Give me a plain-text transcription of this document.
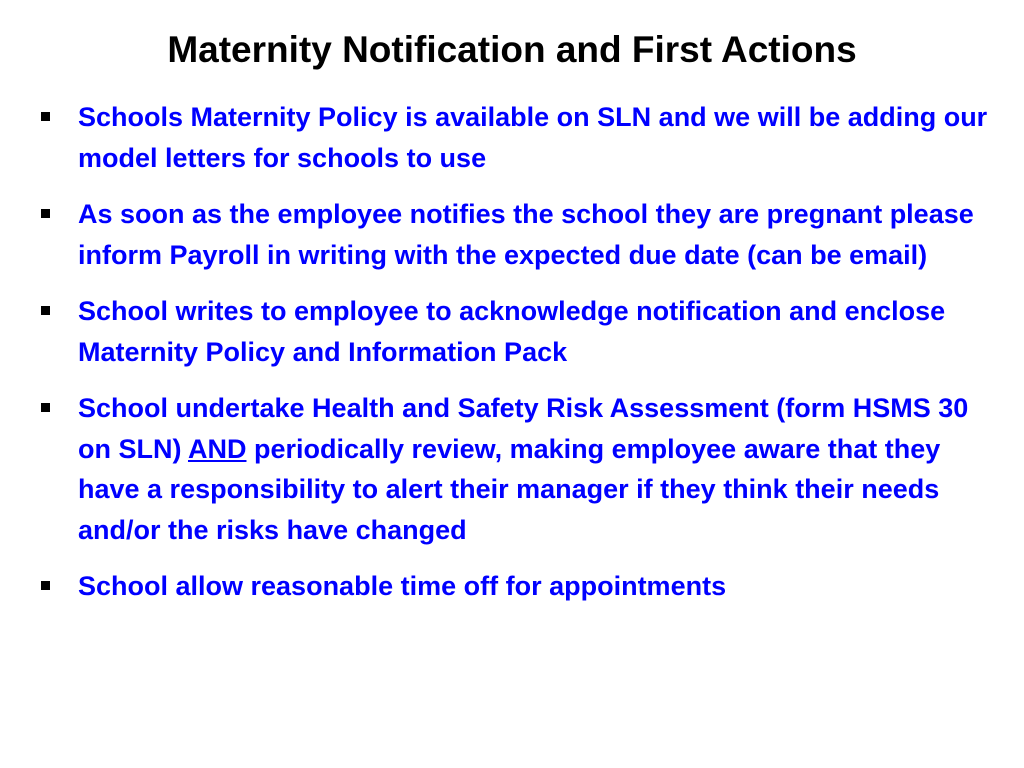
Maternity Notification and First Actions
Schools Maternity Policy is available on SLN and we will be adding our model letters for schools to use
As soon as the employee notifies the school they are pregnant please inform Payroll in writing with the expected due date (can be email)
School writes to employee to acknowledge notification and enclose Maternity Policy and Information Pack
School undertake Health and Safety Risk Assessment (form HSMS 30 on SLN) AND periodically review, making employee aware that they have a responsibility to alert their manager if they think their needs and/or the risks have changed
School allow reasonable time off for appointments
